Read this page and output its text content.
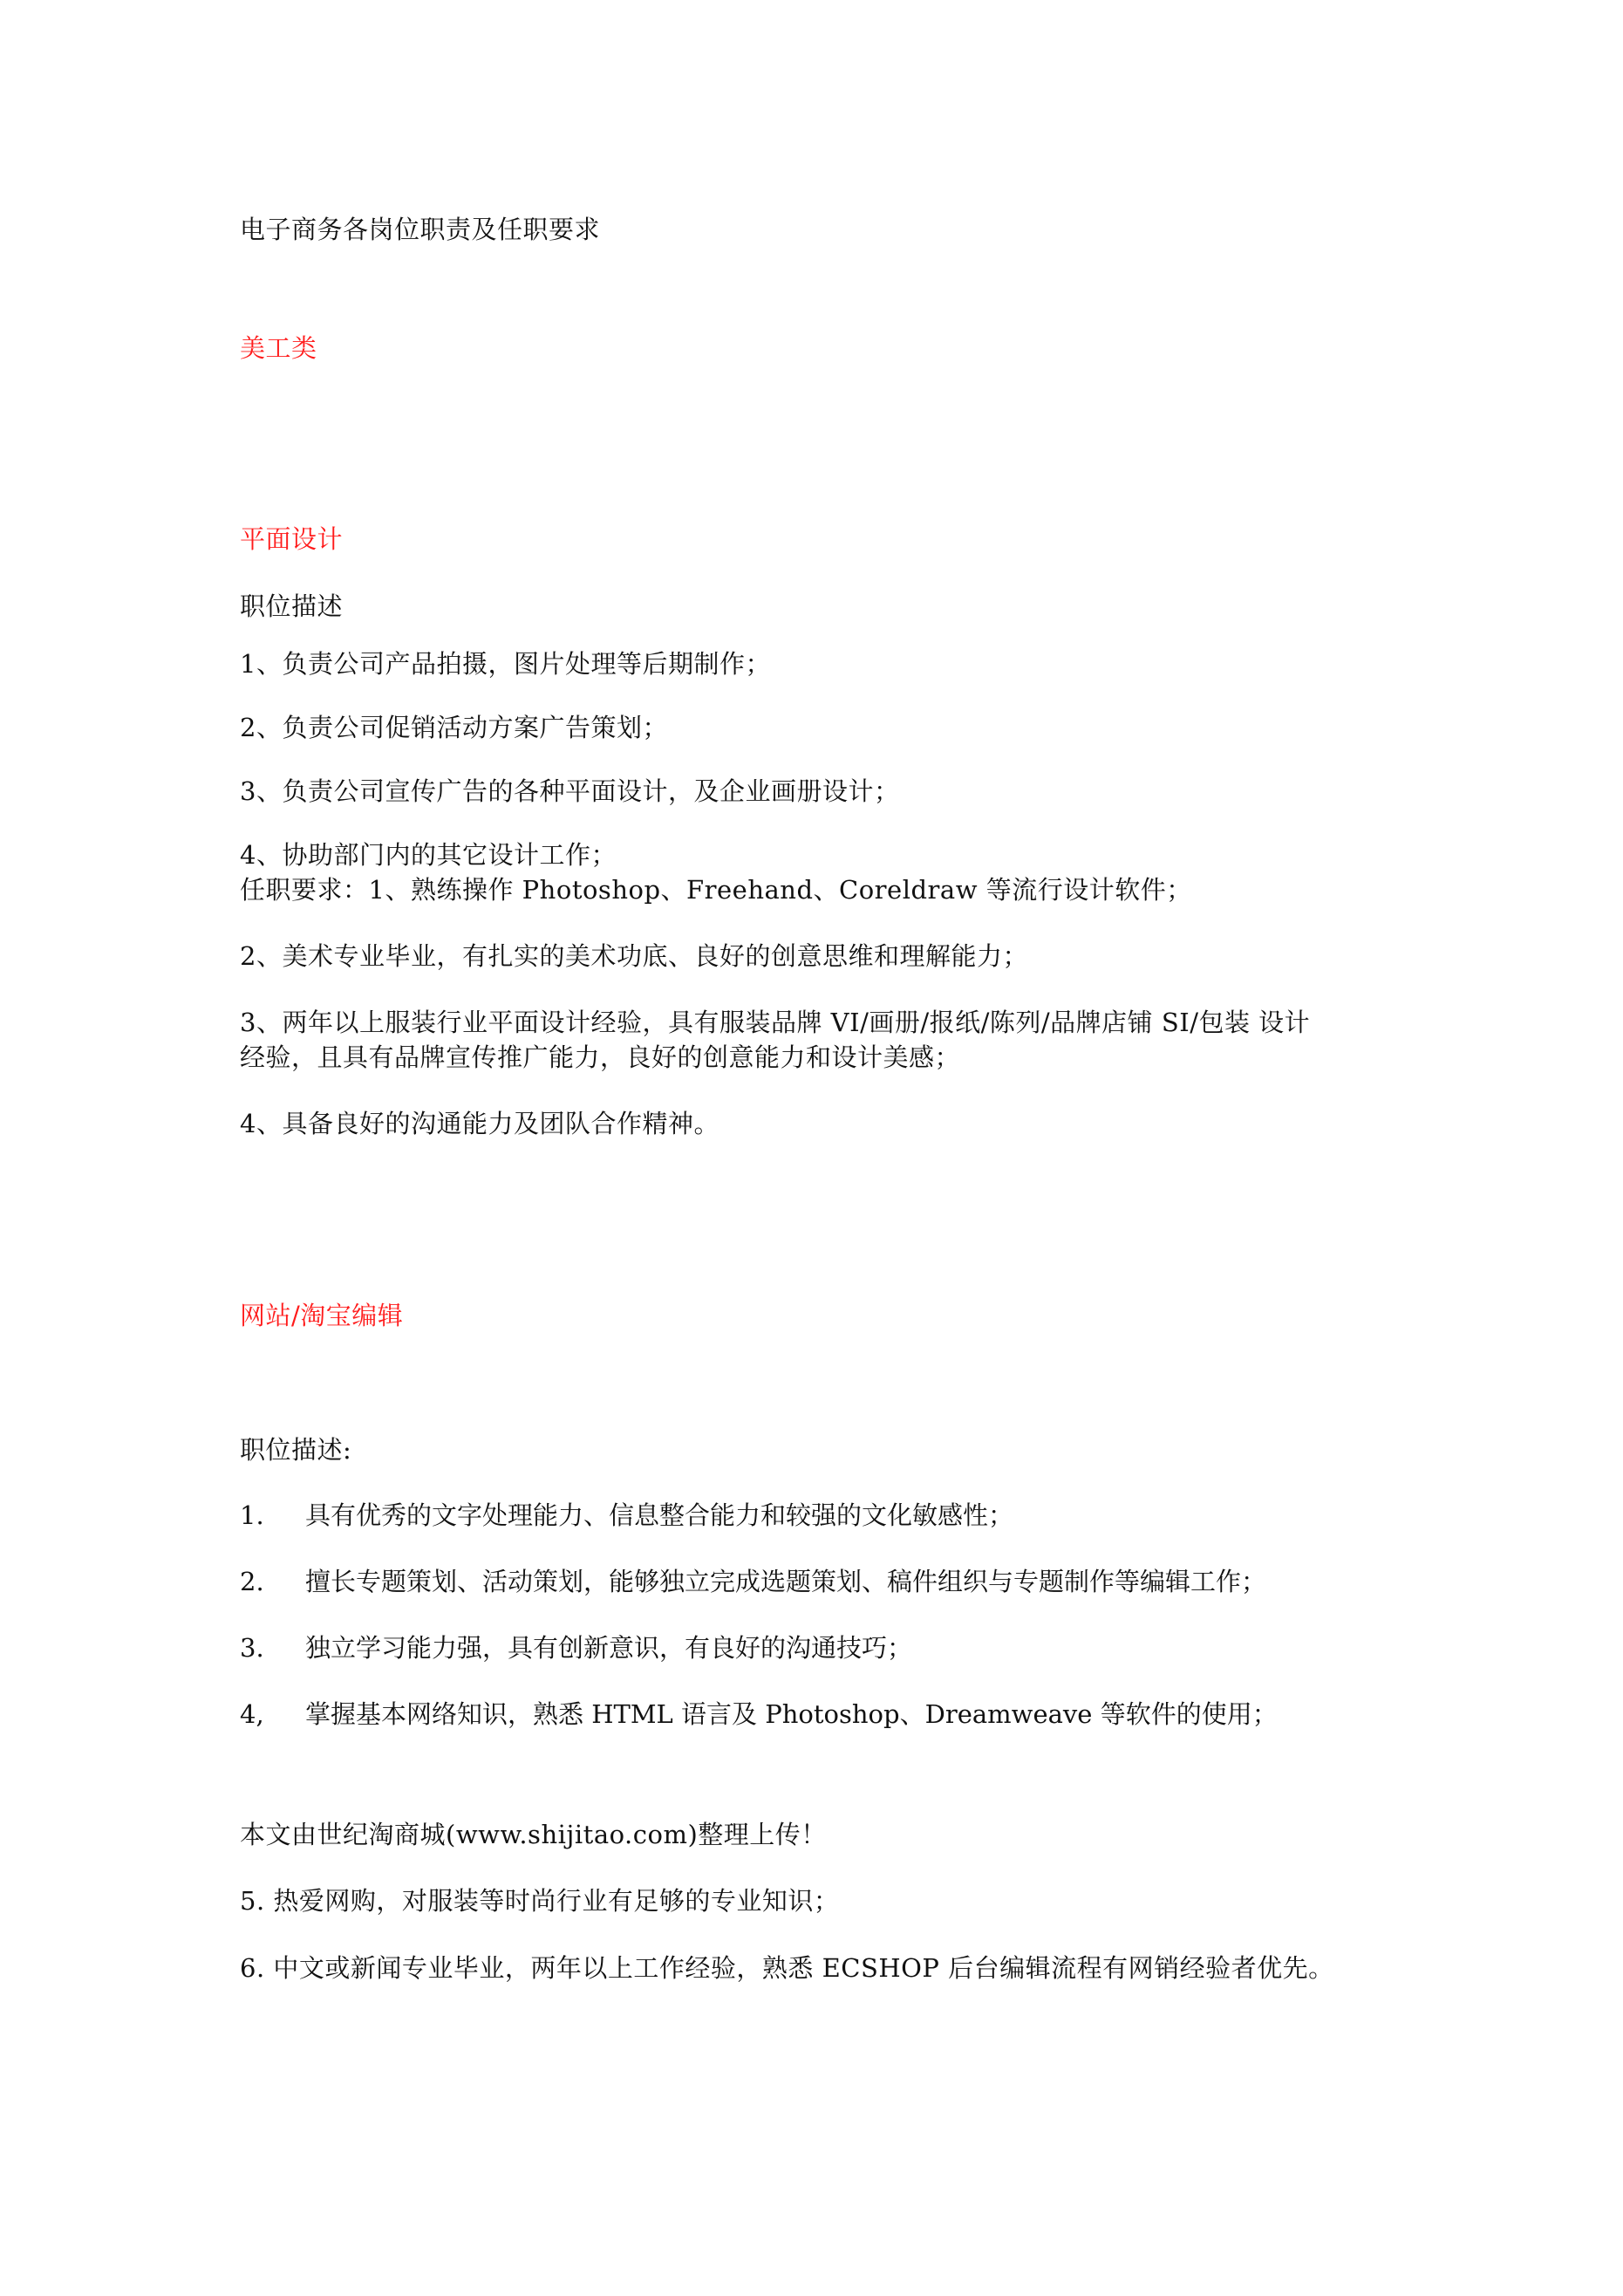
电子商务各岗位职责及任职要求
美工类
平面设计
职位描述
1、负责公司产品拍摄，图片处理等后期制作；
2、负责公司促销活动方案广告策划；
3、负责公司宣传广告的各种平面设计，及企业画册设计；
4、协助部门内的其它设计工作；
任职要求：1、熟练操作 Photoshop、Freehand、Coreldraw 等流行设计软件；
2、美术专业毕业，有扎实的美术功底、良好的创意思维和理解能力；
3、两年以上服装行业平面设计经验，具有服装品牌 VI/画册/报纸/陈列/品牌店铺 SI/包装 设计
经验，且具有品牌宣传推广能力，良好的创意能力和设计美感；
4、具备良好的沟通能力及团队合作精神。
网站/淘宝编辑
职位描述:
1. 具有优秀的文字处理能力、信息整合能力和较强的文化敏感性；
2. 擅长专题策划、活动策划，能够独立完成选题策划、稿件组织与专题制作等编辑工作；
3. 独立学习能力强，具有创新意识，有良好的沟通技巧；
4, 掌握基本网络知识，熟悉 HTML 语言及 Photoshop、Dreamweave 等软件的使用；
本文由世纪淘商城(www.shijitao.com)整理上传！
5. 热爱网购，对服装等时尚行业有足够的专业知识；
6. 中文或新闻专业毕业，两年以上工作经验，熟悉 ECSHOP 后台编辑流程有网销经验者优先。
